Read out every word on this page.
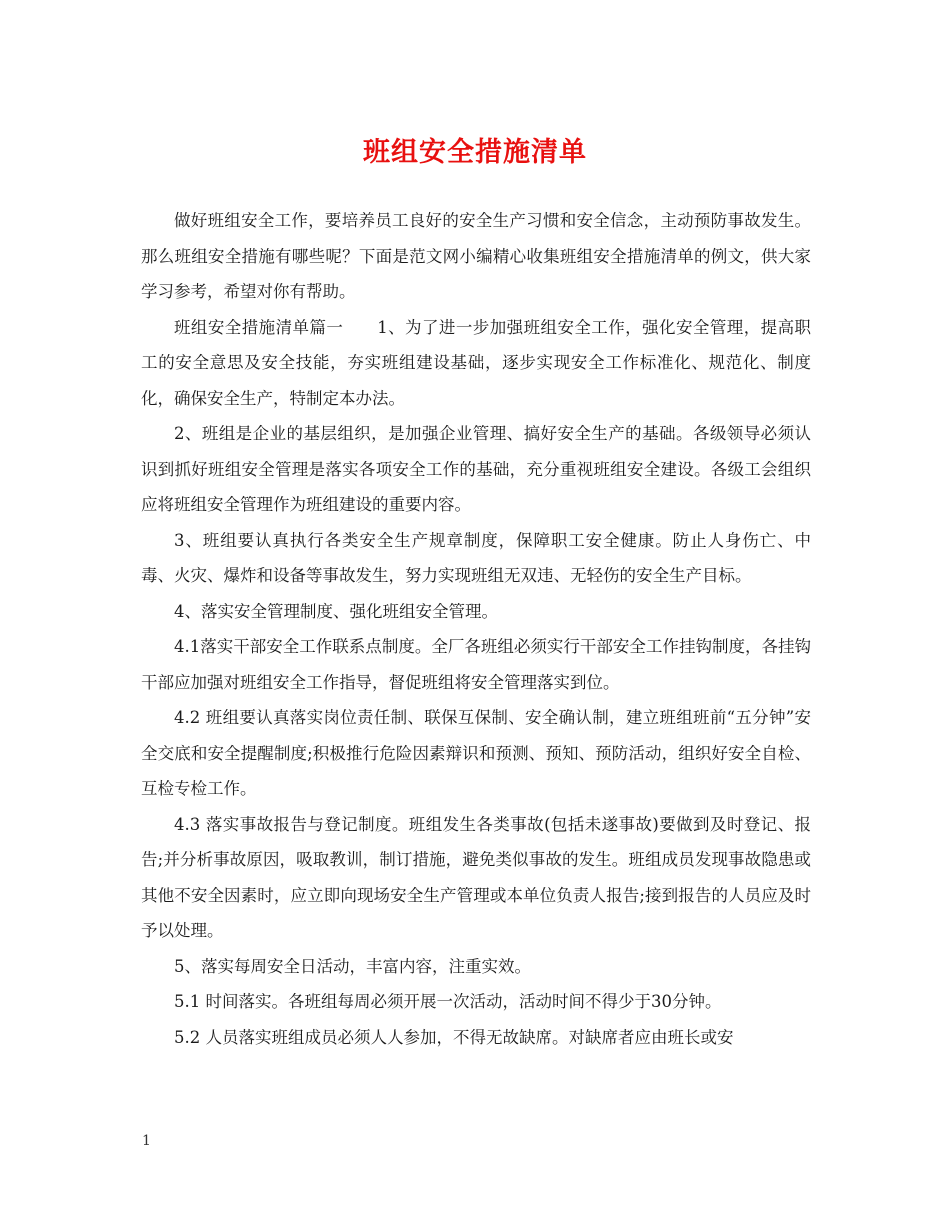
班组安全措施清单

做好班组安全工作，要培养员工良好的安全生产习惯和安全信念，主动预防事故发生。那么班组安全措施有哪些呢？下面是范文网小编精心收集班组安全措施清单的例文，供大家学习参考，希望对你有帮助。

班组安全措施清单篇一　　1、为了进一步加强班组安全工作，强化安全管理，提高职工的安全意思及安全技能，夯实班组建设基础，逐步实现安全工作标准化、规范化、制度化，确保安全生产，特制定本办法。

2、班组是企业的基层组织，是加强企业管理、搞好安全生产的基础。各级领导必须认识到抓好班组安全管理是落实各项安全工作的基础，充分重视班组安全建设。各级工会组织应将班组安全管理作为班组建设的重要内容。

3、班组要认真执行各类安全生产规章制度，保障职工安全健康。防止人身伤亡、中毒、火灾、爆炸和设备等事故发生，努力实现班组无双违、无轻伤的安全生产目标。

4、落实安全管理制度、强化班组安全管理。

4.1落实干部安全工作联系点制度。全厂各班组必须实行干部安全工作挂钩制度，各挂钩干部应加强对班组安全工作指导，督促班组将安全管理落实到位。

4.2 班组要认真落实岗位责任制、联保互保制、安全确认制，建立班组班前“五分钟”安全交底和安全提醒制度;积极推行危险因素辩识和预测、预知、预防活动，组织好安全自检、互检专检工作。

4.3 落实事故报告与登记制度。班组发生各类事故(包括未遂事故)要做到及时登记、报告;并分析事故原因，吸取教训，制订措施，避免类似事故的发生。班组成员发现事故隐患或其他不安全因素时，应立即向现场安全生产管理或本单位负责人报告;接到报告的人员应及时予以处理。

5、落实每周安全日活动，丰富内容，注重实效。

5.1 时间落实。各班组每周必须开展一次活动，活动时间不得少于30分钟。

5.2 人员落实班组成员必须人人参加，不得无故缺席。对缺席者应由班长或安

1
